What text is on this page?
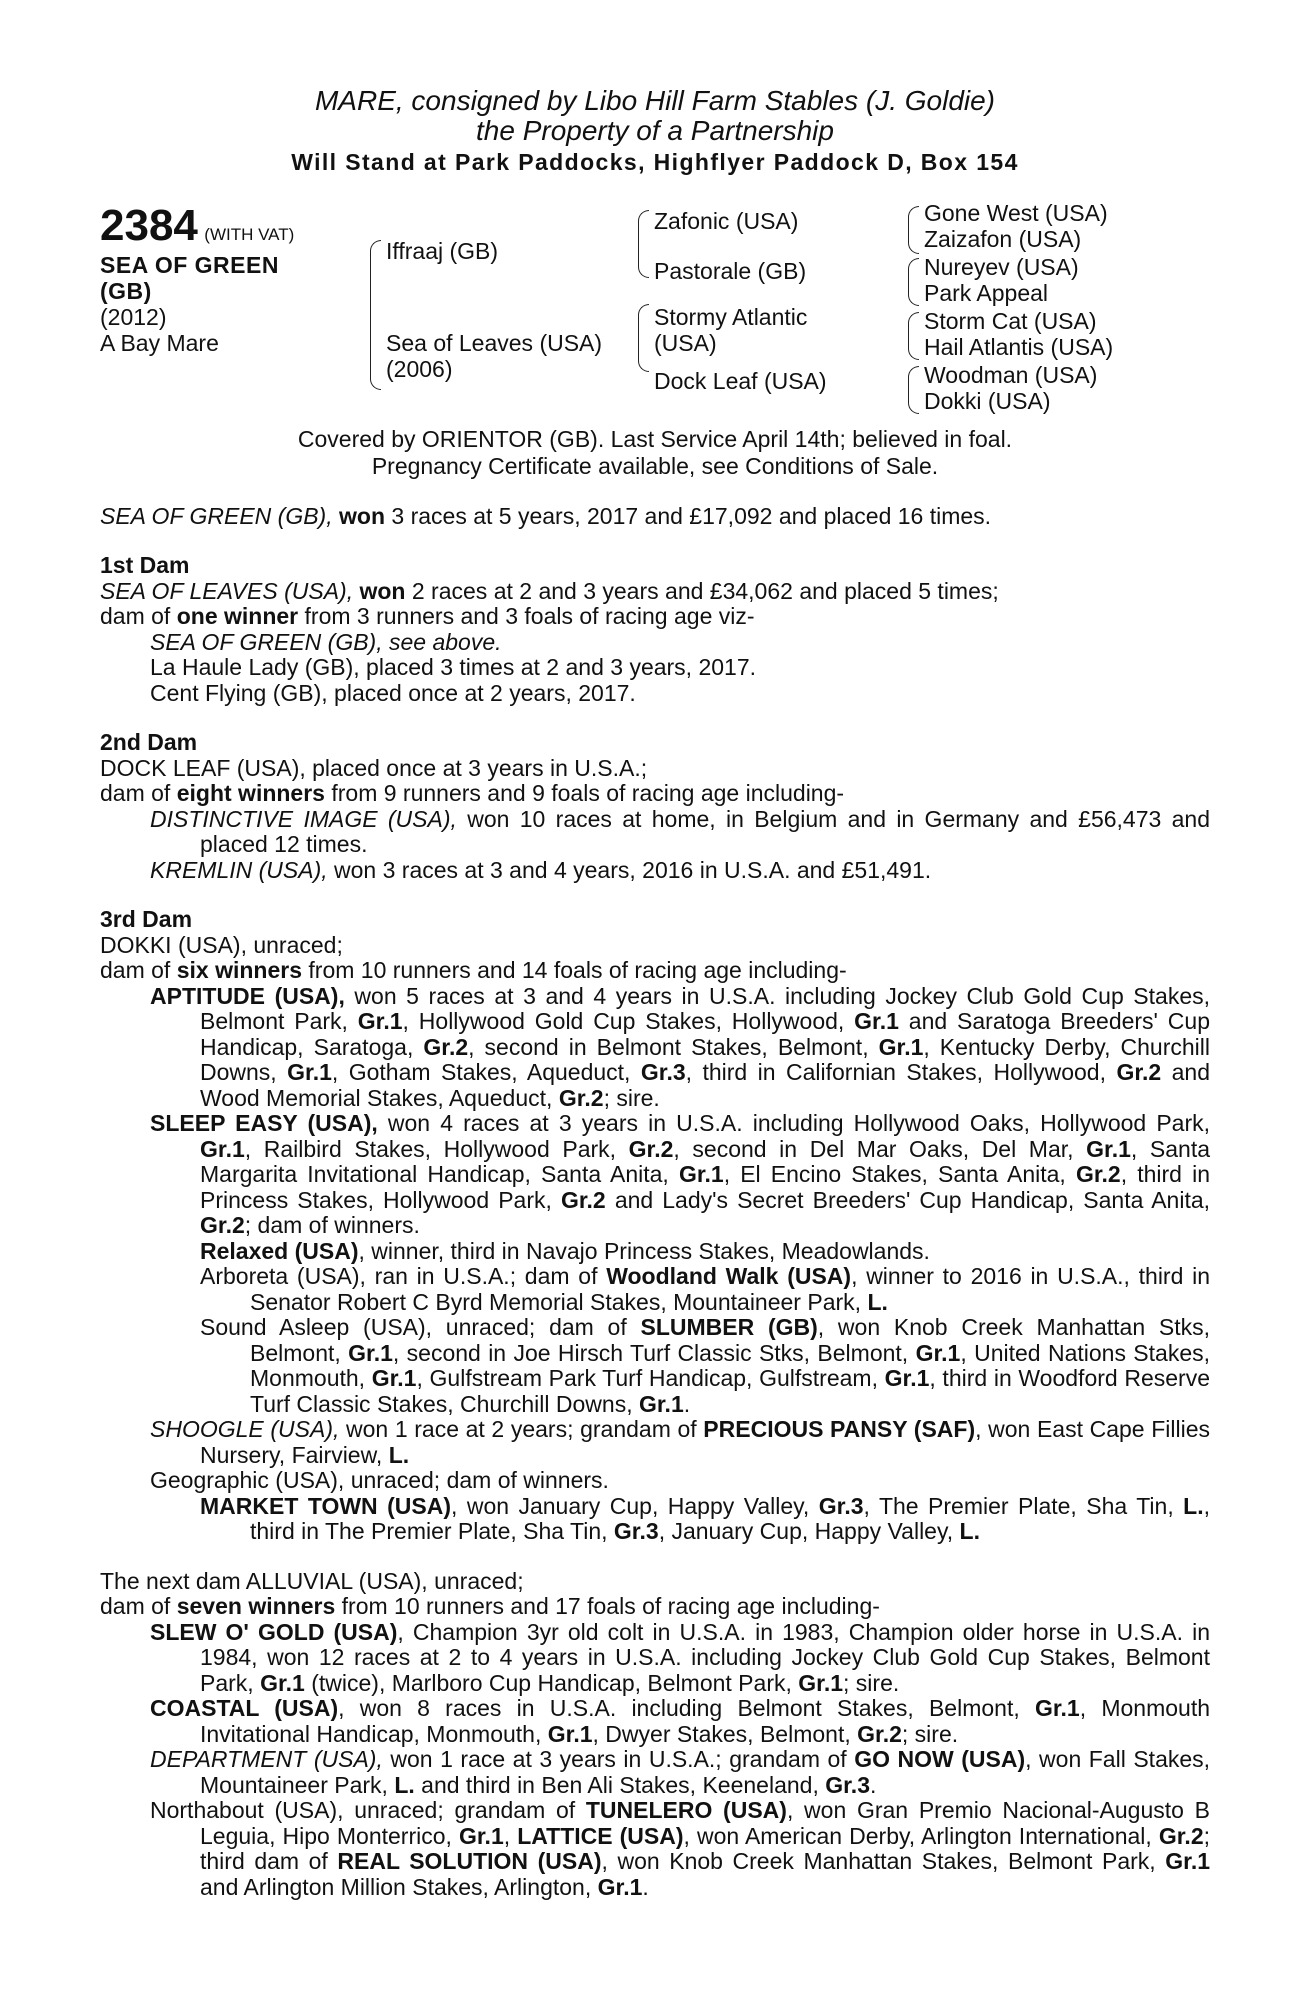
MARE, consigned by Libo Hill Farm Stables (J. Goldie)
the Property of a Partnership
Will Stand at Park Paddocks, Highflyer Paddock D, Box 154
2384 (WITH VAT)
SEA OF GREEN
(GB)
(2012)
A Bay Mare
Iffraaj (GB)
Sea of Leaves (USA)
(2006)
Zafonic (USA)
Pastorale (GB)
Stormy Atlantic
(USA)
Dock Leaf (USA)
Gone West (USA)
Zaizafon (USA)
Nureyev (USA)
Park Appeal
Storm Cat (USA)
Hail Atlantis (USA)
Woodman (USA)
Dokki (USA)
Covered by ORIENTOR (GB). Last Service April 14th; believed in foal.
Pregnancy Certificate available, see Conditions of Sale.

SEA OF GREEN (GB), won 3 races at 5 years, 2017 and £17,092 and placed 16 times.

1st Dam

SEA OF LEAVES (USA), won 2 races at 2 and 3 years and £34,062 and placed 5 times;

dam of one winner from 3 runners and 3 foals of racing age viz-

SEA OF GREEN (GB), see above.

La Haule Lady (GB), placed 3 times at 2 and 3 years, 2017.

Cent Flying (GB), placed once at 2 years, 2017.

2nd Dam

DOCK LEAF (USA), placed once at 3 years in U.S.A.;

dam of eight winners from 9 runners and 9 foals of racing age including-

DISTINCTIVE IMAGE (USA), won 10 races at home, in Belgium and in Germany and £56,473 and placed 12 times.

KREMLIN (USA), won 3 races at 3 and 4 years, 2016 in U.S.A. and £51,491.

3rd Dam

DOKKI (USA), unraced;

dam of six winners from 10 runners and 14 foals of racing age including-

APTITUDE (USA), won 5 races at 3 and 4 years in U.S.A. including Jockey Club Gold Cup Stakes, Belmont Park, Gr.1, Hollywood Gold Cup Stakes, Hollywood, Gr.1 and Saratoga Breeders' Cup Handicap, Saratoga, Gr.2, second in Belmont Stakes, Belmont, Gr.1, Kentucky Derby, Churchill Downs, Gr.1, Gotham Stakes, Aqueduct, Gr.3, third in Californian Stakes, Hollywood, Gr.2 and Wood Memorial Stakes, Aqueduct, Gr.2; sire.

SLEEP EASY (USA), won 4 races at 3 years in U.S.A. including Hollywood Oaks, Hollywood Park, Gr.1, Railbird Stakes, Hollywood Park, Gr.2, second in Del Mar Oaks, Del Mar, Gr.1, Santa Margarita Invitational Handicap, Santa Anita, Gr.1, El Encino Stakes, Santa Anita, Gr.2, third in Princess Stakes, Hollywood Park, Gr.2 and Lady's Secret Breeders' Cup Handicap, Santa Anita, Gr.2; dam of winners.

Relaxed (USA), winner, third in Navajo Princess Stakes, Meadowlands.

Arboreta (USA), ran in U.S.A.; dam of Woodland Walk (USA), winner to 2016 in U.S.A., third in Senator Robert C Byrd Memorial Stakes, Mountaineer Park, L.

Sound Asleep (USA), unraced; dam of SLUMBER (GB), won Knob Creek Manhattan Stks, Belmont, Gr.1, second in Joe Hirsch Turf Classic Stks, Belmont, Gr.1, United Nations Stakes, Monmouth, Gr.1, Gulfstream Park Turf Handicap, Gulfstream, Gr.1, third in Woodford Reserve Turf Classic Stakes, Churchill Downs, Gr.1.

SHOOGLE (USA), won 1 race at 2 years; grandam of PRECIOUS PANSY (SAF), won East Cape Fillies Nursery, Fairview, L.

Geographic (USA), unraced; dam of winners.

MARKET TOWN (USA), won January Cup, Happy Valley, Gr.3, The Premier Plate, Sha Tin, L., third in The Premier Plate, Sha Tin, Gr.3, January Cup, Happy Valley, L.

The next dam ALLUVIAL (USA), unraced;

dam of seven winners from 10 runners and 17 foals of racing age including-

SLEW O' GOLD (USA), Champion 3yr old colt in U.S.A. in 1983, Champion older horse in U.S.A. in 1984, won 12 races at 2 to 4 years in U.S.A. including Jockey Club Gold Cup Stakes, Belmont Park, Gr.1 (twice), Marlboro Cup Handicap, Belmont Park, Gr.1; sire.

COASTAL (USA), won 8 races in U.S.A. including Belmont Stakes, Belmont, Gr.1, Monmouth Invitational Handicap, Monmouth, Gr.1, Dwyer Stakes, Belmont, Gr.2; sire.

DEPARTMENT (USA), won 1 race at 3 years in U.S.A.; grandam of GO NOW (USA), won Fall Stakes, Mountaineer Park, L. and third in Ben Ali Stakes, Keeneland, Gr.3.

Northabout (USA), unraced; grandam of TUNELERO (USA), won Gran Premio Nacional-Augusto B Leguia, Hipo Monterrico, Gr.1, LATTICE (USA), won American Derby, Arlington International, Gr.2; third dam of REAL SOLUTION (USA), won Knob Creek Manhattan Stakes, Belmont Park, Gr.1 and Arlington Million Stakes, Arlington, Gr.1.
